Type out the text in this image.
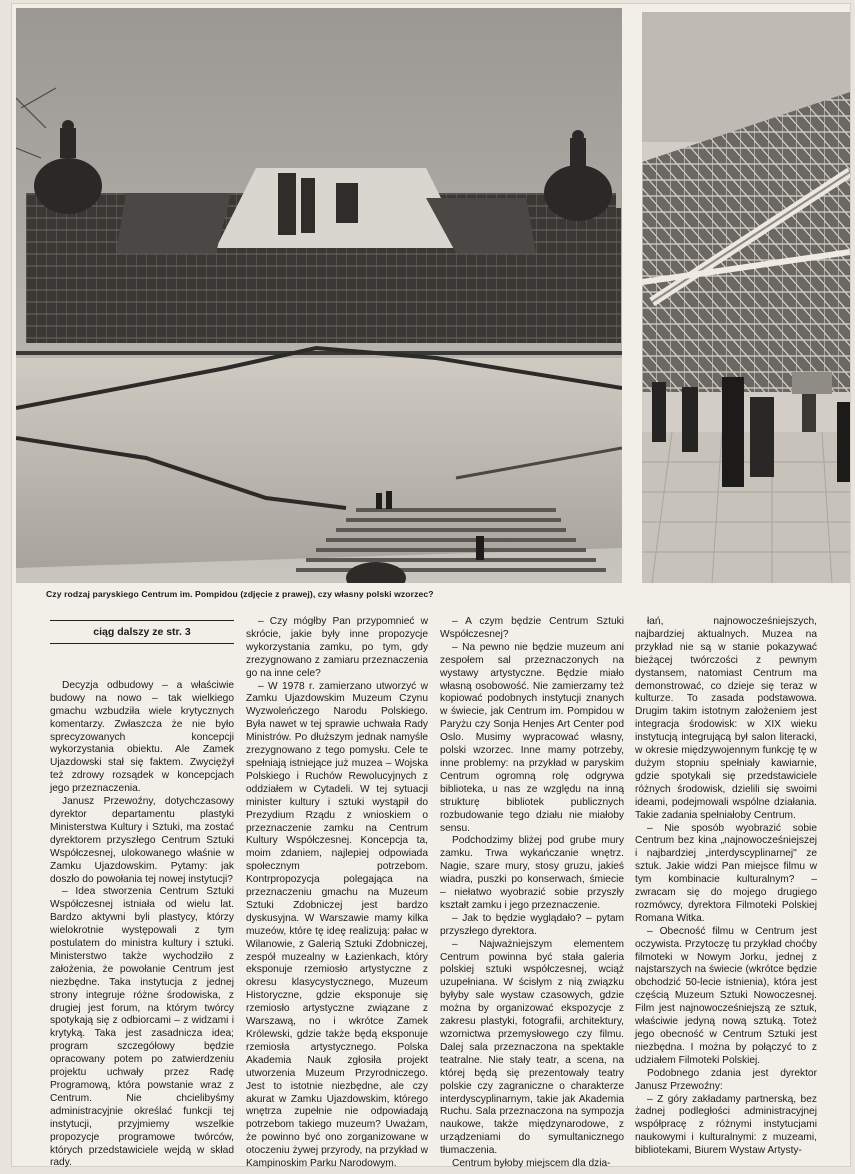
Czy rodzaj paryskiego Centrum im. Pompidou (zdjęcie z prawej), czy własny polski wzorzec?
ciąg dalszy ze str. 3

Decyzja odbudowy – a właściwie budowy na nowo – tak wielkiego gmachu wzbudziła wiele krytycznych komentarzy. Zwłaszcza że nie było sprecyzowanych koncepcji wykorzystania obiektu. Ale Zamek Ujazdowski stał się faktem. Zwyciężył też zdrowy rozsądek w koncepcjach jego przeznaczenia.

Janusz Przewoźny, dotychczasowy dyrektor departamentu plastyki Ministerstwa Kultury i Sztuki, ma zostać dyrektorem przyszłego Centrum Sztuki Współczesnej, ulokowanego właśnie w Zamku Ujazdowskim. Pytamy: jak doszło do powołania tej nowej instytucji?

– Idea stworzenia Centrum Sztuki Współczesnej istniała od wielu lat. Bardzo aktywni byli plastycy, którzy wielokrotnie występowali z tym postulatem do ministra kultury i sztuki. Ministerstwo także wychodziło z założenia, że powołanie Centrum jest niezbędne. Taka instytucja z jednej strony integruje różne środowiska, z drugiej jest forum, na którym twórcy spotykają się z odbiorcami – z widzami i krytyką. Taka jest zasadnicza idea; program szczegółowy będzie opracowany potem po zatwierdzeniu projektu uchwały przez Radę Programową, która powstanie wraz z Centrum. Nie chcielibyśmy administracyjnie określać funkcji tej instytucji, przyjmiemy wszelkie propozycje programowe twórców, których przedstawiciele wejdą w skład rady.

– Czy mógłby Pan przypomnieć w skrócie, jakie były inne propozycje wykorzystania zamku, po tym, gdy zrezygnowano z zamiaru przeznaczenia go na inne cele?

– W 1978 r. zamierzano utworzyć w Zamku Ujazdowskim Muzeum Czynu Wyzwoleńczego Narodu Polskiego. Była nawet w tej sprawie uchwała Rady Ministrów. Po dłuższym jednak namyśle zrezygnowano z tego pomysłu. Cele te spełniają istniejące już muzea – Wojska Polskiego i Ruchów Rewolucyjnych z oddziałem w Cytadeli. W tej sytuacji minister kultury i sztuki wystąpił do Prezydium Rządu z wnioskiem o przeznaczenie zamku na Centrum Kultury Współczesnej. Koncepcja ta, moim zdaniem, najlepiej odpowiada społecznym potrzebom. Kontrpropozycja polegająca na przeznaczeniu gmachu na Muzeum Sztuki Zdobniczej jest bardzo dyskusyjna. W Warszawie mamy kilka muzeów, które tę ideę realizują: pałac w Wilanowie, z Galerią Sztuki Zdobniczej, zespół muzealny w Łazienkach, który eksponuje rzemiosło artystyczne z okresu klasycystycznego, Muzeum Historyczne, gdzie eksponuje się rzemiosło artystyczne związane z Warszawą, no i wkrótce Zamek Królewski, gdzie także będą eksponuje rzemiosła artystycznego. Polska Akademia Nauk zgłosiła projekt utworzenia Muzeum Przyrodniczego. Jest to istotnie niezbędne, ale czy akurat w Zamku Ujazdowskim, którego wnętrza zupełnie nie odpowiadają potrzebom takiego muzeum? Uważam, że powinno być ono zorganizowane w otoczeniu żywej przyrody, na przykład w Kampinoskim Parku Narodowym.

– A czym będzie Centrum Sztuki Współczesnej?

– Na pewno nie będzie muzeum ani zespołem sal przeznaczonych na wystawy artystyczne. Będzie miało własną osobowość. Nie zamierzamy też kopiować podobnych instytucji znanych w świecie, jak Centrum im. Pompidou w Paryżu czy Sonja Henjes Art Center pod Oslo. Musimy wypracować własny, polski wzorzec. Inne mamy potrzeby, inne problemy: na przykład w paryskim Centrum ogromną rolę odgrywa biblioteka, u nas ze względu na inną strukturę bibliotek publicznych rozbudowanie tego działu nie miałoby sensu.

Podchodzimy bliżej pod grube mury zamku. Trwa wykańczanie wnętrz. Nagie, szare mury, stosy gruzu, jakieś wiadra, puszki po konserwach, śmiecie – niełatwo wyobrazić sobie przyszły kształt zamku i jego przeznaczenie.

– Jak to będzie wyglądało? – pytam przyszłego dyrektora.

– Najważniejszym elementem Centrum powinna być stała galeria polskiej sztuki współczesnej, wciąż uzupełniana. W ścisłym z nią związku byłyby sale wystaw czasowych, gdzie można by organizować ekspozycje z zakresu plastyki, fotografii, architektury, wzornictwa przemysłowego czy filmu. Dalej sala przeznaczona na spektakle teatralne. Nie stały teatr, a scena, na której będą się prezentowały teatry polskie czy zagraniczne o charakterze interdyscyplinarnym, takie jak Akademia Ruchu. Sala przeznaczona na sympozja naukowe, także międzynarodowe, z urządzeniami do symultanicznego tłumaczenia.

Centrum byłoby miejscem dla dzia-

łań, najnowocześniejszych, najbardziej aktualnych. Muzea na przykład nie są w stanie pokazywać bieżącej twórczości z pewnym dystansem, natomiast Centrum ma demonstrować, co dzieje się teraz w kulturze. To zasada podstawowa. Drugim takim istotnym założeniem jest integracja środowisk: w XIX wieku instytucją integrującą był salon literacki, w okresie międzywojennym funkcję tę w dużym stopniu spełniały kawiarnie, gdzie spotykali się przedstawiciele różnych środowisk, dzielili się swoimi ideami, podejmowali wspólne działania. Takie zadania spełniałoby Centrum.

– Nie sposób wyobrazić sobie Centrum bez kina „najnowocześniejszej i najbardziej „interdyscyplinarnej" ze sztuk. Jakie widzi Pan miejsce filmu w tym kombinacie kulturalnym? – zwracam się do mojego drugiego rozmówcy, dyrektora Filmoteki Polskiej Romana Witka.

– Obecność filmu w Centrum jest oczywista. Przytoczę tu przykład choćby filmoteki w Nowym Jorku, jednej z najstarszych na świecie (wkrótce będzie obchodzić 50-lecie istnienia), która jest częścią Muzeum Sztuki Nowoczesnej. Film jest najnowocześniejszą ze sztuk, właściwie jedyną nową sztuką. Toteż jego obecność w Centrum Sztuki jest niezbędna. I można by połączyć to z udziałem Filmoteki Polskiej.

Podobnego zdania jest dyrektor Janusz Przewoźny:

– Z góry zakładamy partnerską, bez żadnej podległości administracyjnej współpracę z różnymi instytucjami naukowymi i kulturalnymi: z muzeami, bibliotekami, Biurem Wystaw Artysty-
